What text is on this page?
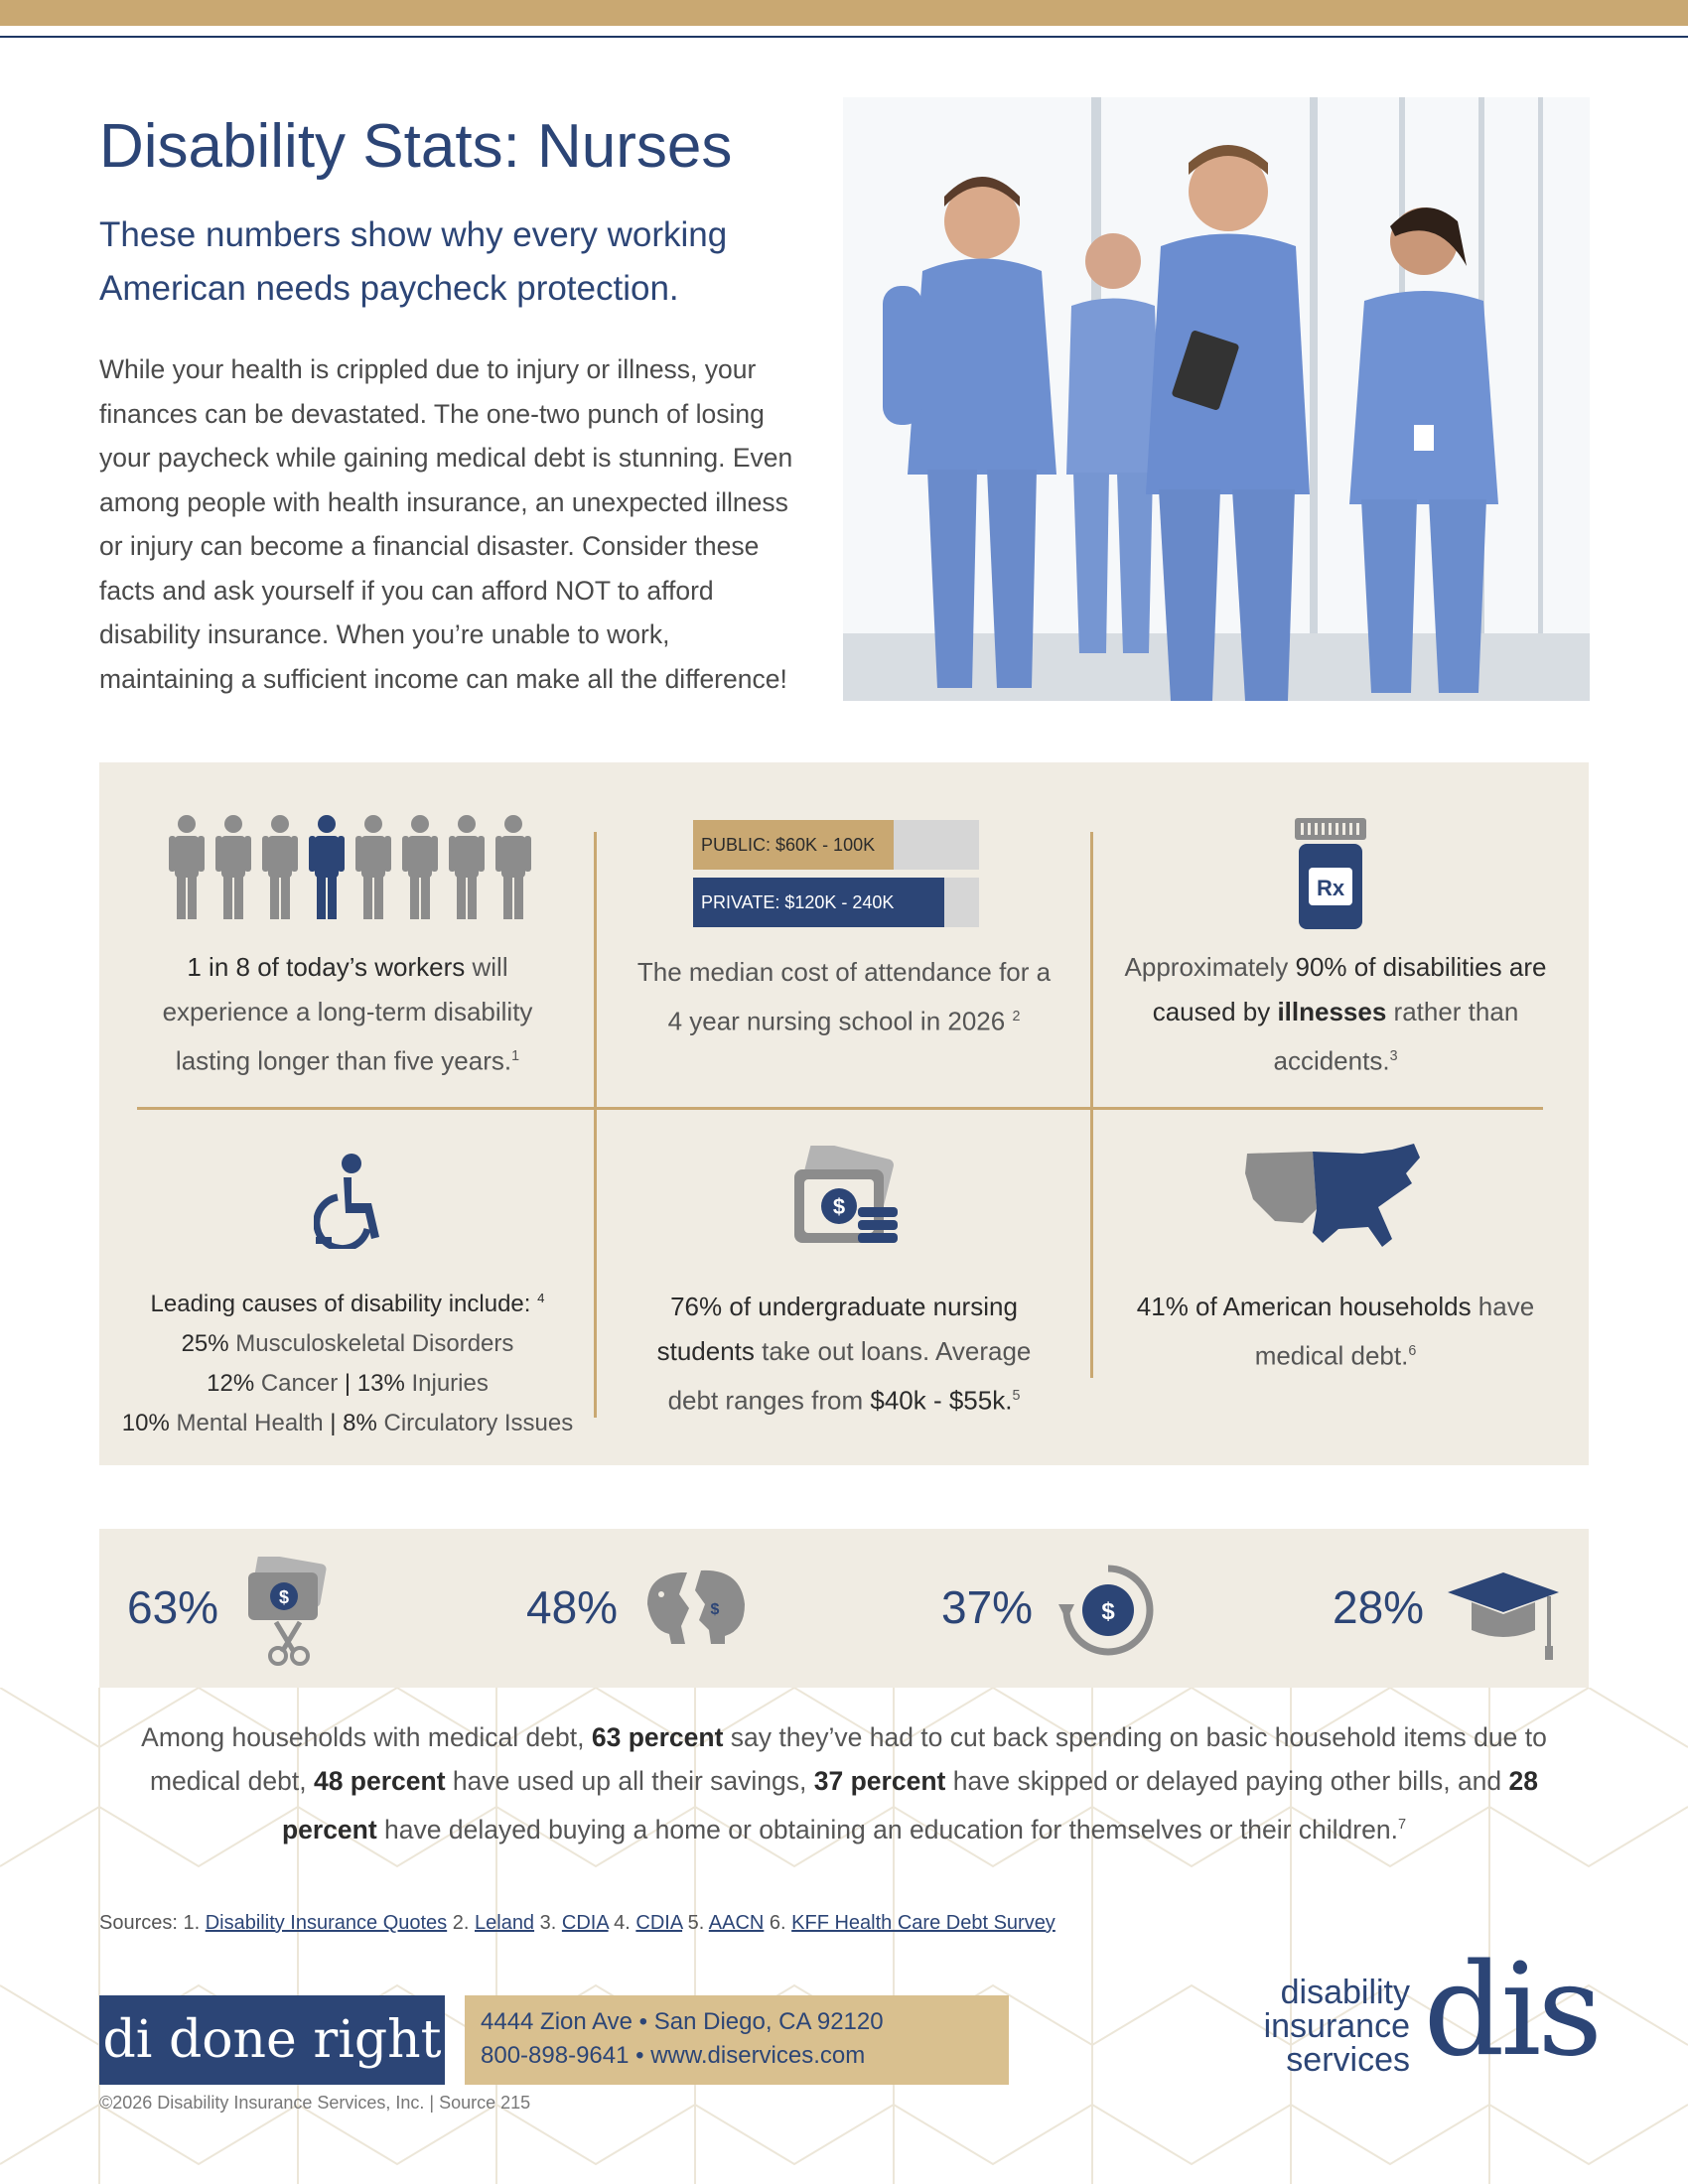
Disability Stats: Nurses

These numbers show why every working American needs paycheck protection.

While your health is crippled due to injury or illness, your finances can be devastated. The one-two punch of losing your paycheck while gaining medical debt is stunning. Even among people with health insurance, an unexpected illness or injury can become a financial disaster. Consider these facts and ask yourself if you can afford NOT to afford disability insurance. When you’re unable to work, maintaining a sufficient income can make all the difference!

1 in 8 of today’s workers will experience a long-term disability lasting longer than five years.$^1$
PUBLIC: $60K - 100K
PRIVATE: $120K - 240K
The median cost of attendance for a 4 year nursing school in 2026 $^2$
Rx
Approximately 90% of disabilities are caused by illnesses rather than accidents.$^3$
Leading causes of disability include: $^4$
25% Musculoskeletal Disorders
12% Cancer | 13% Injuries
10% Mental Health | 8% Circulatory Issues
$
76% of undergraduate nursing students take out loans. Average debt ranges from $40k - $55k.$^5$
41% of American households have medical debt.$^6$
63%	$	48%	$	37%	$	28%

Among households with medical debt, 63 percent say they’ve had to cut back spending on basic household items due to medical debt, 48 percent have used up all their savings, 37 percent have skipped or delayed paying other bills, and 28 percent have delayed buying a home or obtaining an education for themselves or their children.$^7$

Sources: 1. Disability Insurance Quotes 2. Leland 3. CDIA 4. CDIA 5. AACN 6. KFF Health Care Debt Survey
di done right 4444 Zion Ave • San Diego, CA 92120
800-898-9641 • www.diservices.com
©2026 Disability Insurance Services, Inc. | Source 215
disability
insurance
services dis
